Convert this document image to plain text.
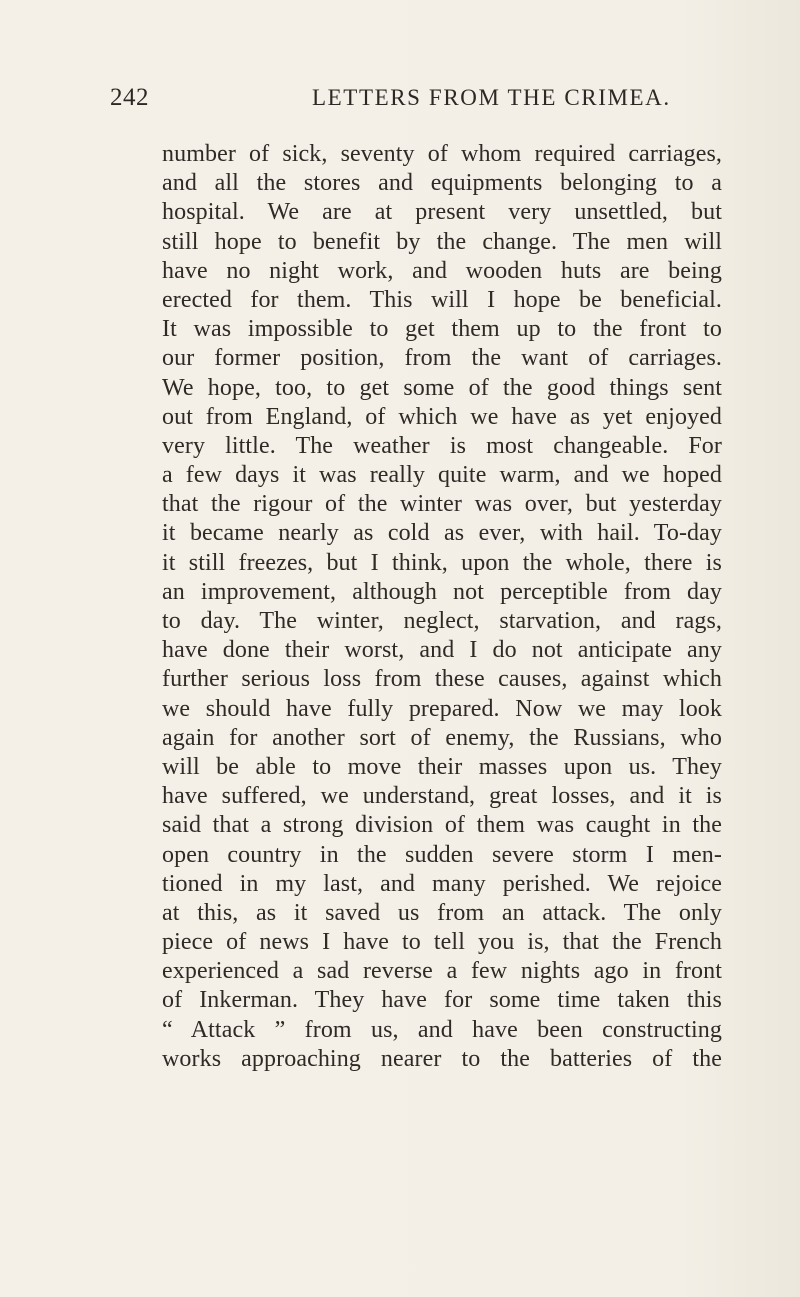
242	LETTERS FROM THE CRIMEA.
number of sick, seventy of whom required carriages,
and all the stores and equipments belonging to a
hospital. We are at present very unsettled, but
still hope to benefit by the change. The men will
have no night work, and wooden huts are being
erected for them. This will I hope be beneficial.
It was impossible to get them up to the front to
our former position, from the want of carriages.
We hope, too, to get some of the good things sent
out from England, of which we have as yet enjoyed
very little. The weather is most changeable. For
a few days it was really quite warm, and we hoped
that the rigour of the winter was over, but yesterday
it became nearly as cold as ever, with hail. To-day
it still freezes, but I think, upon the whole, there is
an improvement, although not perceptible from day
to day. The winter, neglect, starvation, and rags,
have done their worst, and I do not anticipate any
further serious loss from these causes, against which
we should have fully prepared. Now we may look
again for another sort of enemy, the Russians, who
will be able to move their masses upon us. They
have suffered, we understand, great losses, and it is
said that a strong division of them was caught in the
open country in the sudden severe storm I men-
tioned in my last, and many perished. We rejoice
at this, as it saved us from an attack. The only
piece of news I have to tell you is, that the French
experienced a sad reverse a few nights ago in front
of Inkerman. They have for some time taken this
“ Attack ” from us, and have been constructing
works approaching nearer to the batteries of the
